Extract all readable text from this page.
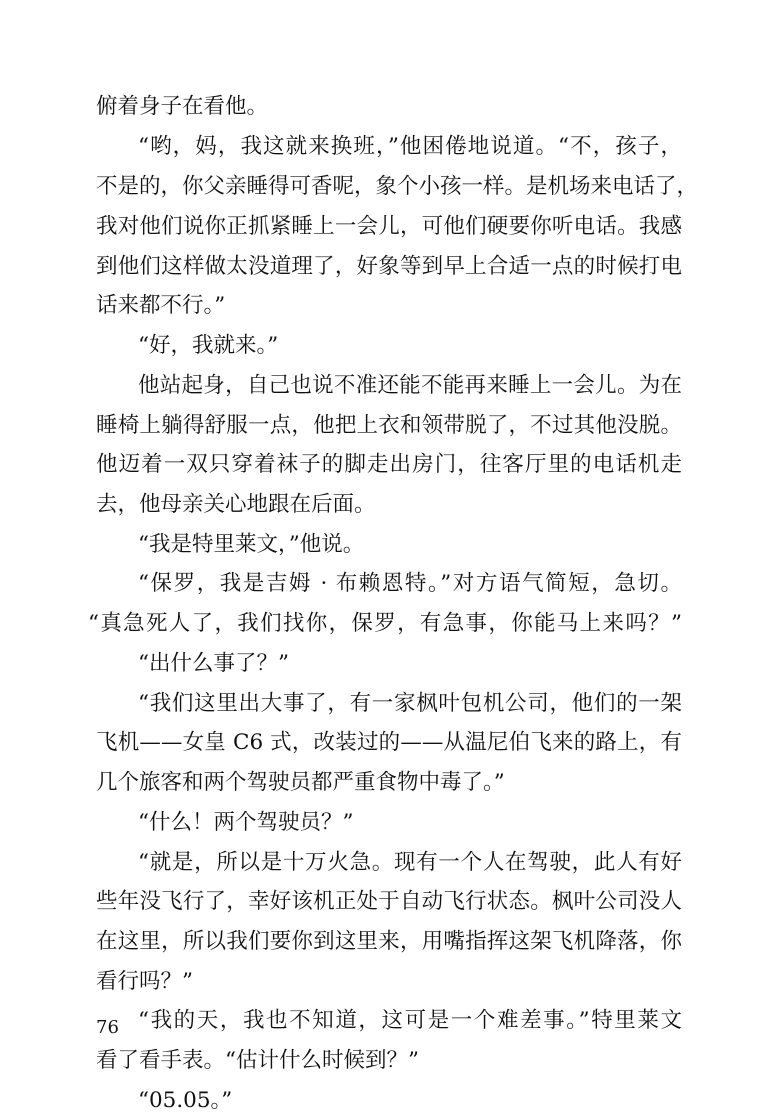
俯着身子在看他。
“哟，妈，我这就来换班，”他困倦地说道。“不，孩子，
不是的，你父亲睡得可香呢，象个小孩一样。是机场来电话了，
我对他们说你正抓紧睡上一会儿，可他们硬要你听电话。我感
到他们这样做太没道理了，好象等到早上合适一点的时候打电
话来都不行。”
“好，我就来。”
他站起身，自己也说不准还能不能再来睡上一会儿。为在
睡椅上躺得舒服一点，他把上衣和领带脱了，不过其他没脱。
他迈着一双只穿着袜子的脚走出房门，往客厅里的电话机走
去，他母亲关心地跟在后面。
“我是特里莱文，”他说。
“保罗，我是吉姆 · 布赖恩特。”对方语气简短，急切。
“真急死人了，我们找你，保罗，有急事，你能马上来吗？”
“出什么事了？”
“我们这里出大事了，有一家枫叶包机公司，他们的一架
飞机——女皇 C6 式，改装过的——从温尼伯飞来的路上，有
几个旅客和两个驾驶员都严重食物中毒了。”
“什么！两个驾驶员？”
“就是，所以是十万火急。现有一个人在驾驶，此人有好
些年没飞行了，幸好该机正处于自动飞行状态。枫叶公司没人
在这里，所以我们要你到这里来，用嘴指挥这架飞机降落，你
看行吗？”
“我的天，我也不知道，这可是一个难差事。”特里莱文
看了看手表。“估计什么时候到？”
“05.05。”
76
